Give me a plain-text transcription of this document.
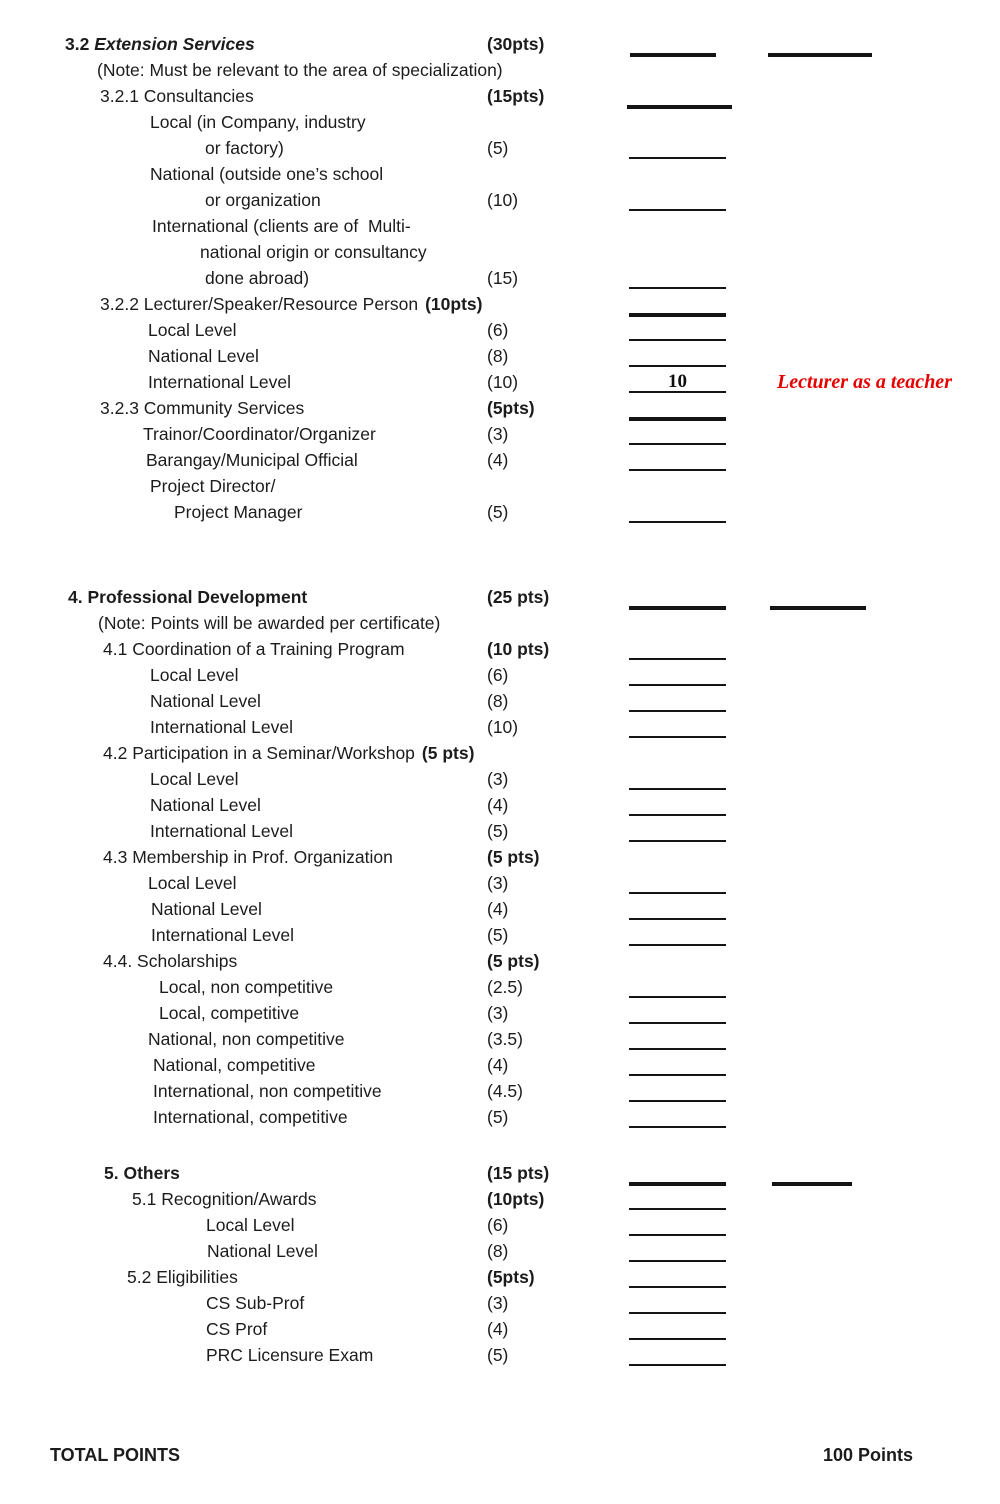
3.2 Extension Services	(30pts)
(Note: Must be relevant to the area of specialization)
3.2.1 Consultancies	(15pts)
Local (in Company, industry
or factory)	(5)
National (outside one’s school
or organization	(10)
International (clients are of  Multi-
national origin or consultancy
done abroad)	(15)
3.2.2 Lecturer/Speaker/Resource Person (10pts)
Local Level	(6)
National Level	(8)
International Level	(10)	10	Lecturer as a teacher
3.2.3 Community Services	(5pts)
Trainor/Coordinator/Organizer	(3)
Barangay/Municipal Official	(4)
Project Director/
Project Manager	(5)
4. Professional Development	(25 pts)
(Note: Points will be awarded per certificate)
4.1 Coordination of a Training Program	(10 pts)
Local Level	(6)
National Level	(8)
International Level	(10)
4.2 Participation in a Seminar/Workshop (5 pts)
Local Level	(3)
National Level	(4)
International Level	(5)
4.3 Membership in Prof. Organization	(5 pts)
Local Level	(3)
National Level	(4)
International Level	(5)
4.4. Scholarships	(5 pts)
Local, non competitive	(2.5)
Local, competitive	(3)
National, non competitive	(3.5)
National, competitive	(4)
International, non competitive	(4.5)
International, competitive	(5)
5. Others	(15 pts)
5.1 Recognition/Awards	(10pts)
Local Level	(6)
National Level	(8)
5.2 Eligibilities	(5pts)
CS Sub-Prof	(3)
CS Prof	(4)
PRC Licensure Exam	(5)
TOTAL POINTS	100 Points
